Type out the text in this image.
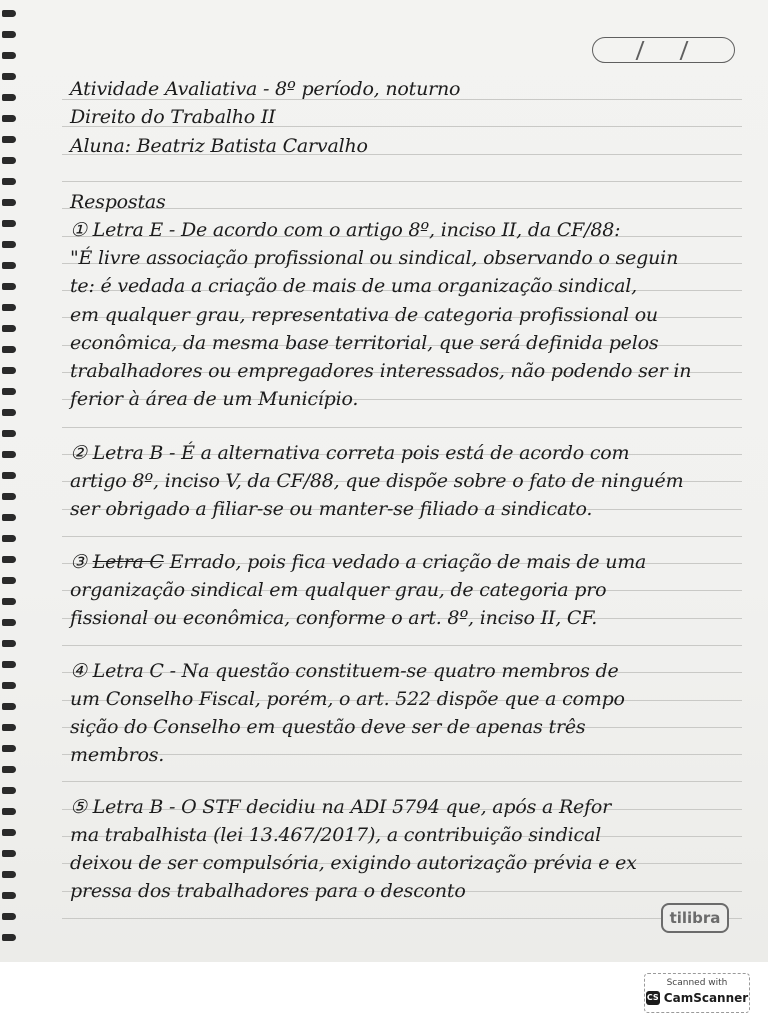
Atividade Avaliativa - 8º período, noturno
Direito do Trabalho II
Aluna: Beatriz Batista Carvalho
Respostas
① Letra E - De acordo com o artigo 8º, inciso II, da CF/88:
"É livre associação profissional ou sindical, observando o seguin
te: é vedada a criação de mais de uma organização sindical,
em qualquer grau, representativa de categoria profissional ou
econômica, da mesma base territorial, que será definida pelos
trabalhadores ou empregadores interessados, não podendo ser in
ferior à área de um Município.
② Letra B - É a alternativa correta pois está de acordo com
artigo 8º, inciso V, da CF/88, que dispõe sobre o fato de ninguém
ser obrigado a filiar-se ou manter-se filiado a sindicato.
③ Letra C Errado, pois fica vedado a criação de mais de uma
organização sindical em qualquer grau, de categoria pro
fissional ou econômica, conforme o art. 8º, inciso II, CF.
④ Letra C - Na questão constituem-se quatro membros de
um Conselho Fiscal, porém, o art. 522 dispõe que a compo
sição do Conselho em questão deve ser de apenas três
membros.
⑤ Letra B - O STF decidiu na ADI 5794 que, após a Refor
ma trabalhista (lei 13.467/2017), a contribuição sindical
deixou de ser compulsória, exigindo autorização prévia e ex
pressa dos trabalhadores para o desconto
tilibra
Scanned with
CS CamScanner
